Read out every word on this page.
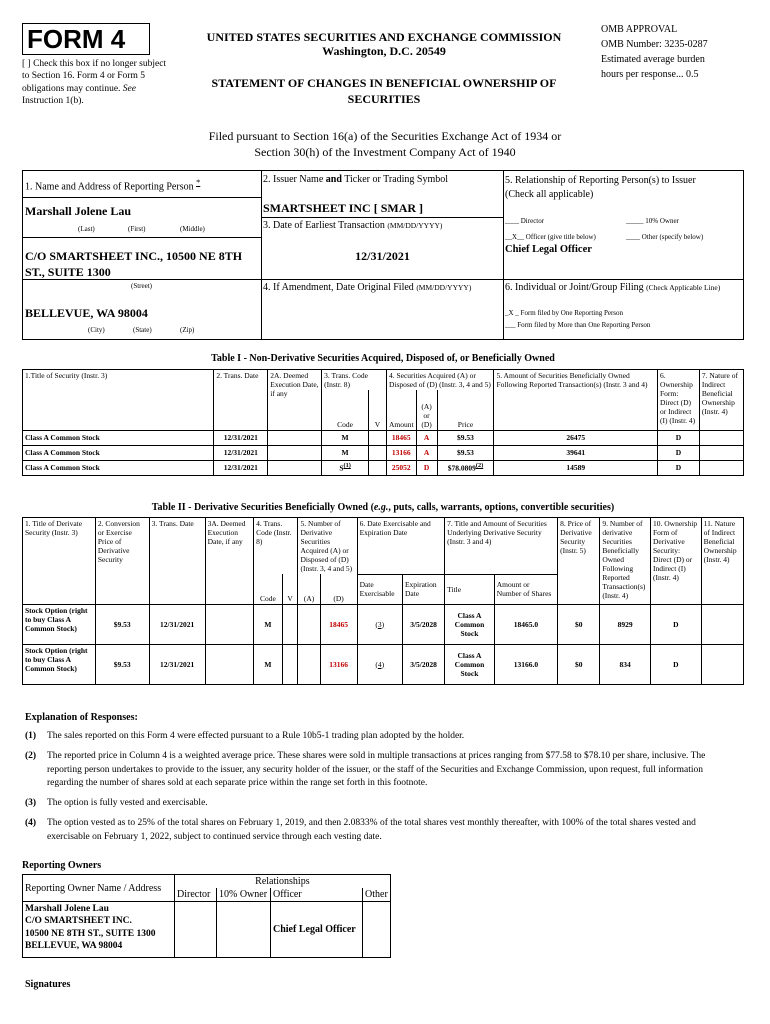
FORM 4
[ ] Check this box if no longer subject to Section 16. Form 4 or Form 5 obligations may continue. See Instruction 1(b).
UNITED STATES SECURITIES AND EXCHANGE COMMISSION
Washington, D.C. 20549
STATEMENT OF CHANGES IN BENEFICIAL OWNERSHIP OF
SECURITIES
OMB APPROVAL
OMB Number: 3235-0287
Estimated average burden
hours per response... 0.5
Filed pursuant to Section 16(a) of the Securities Exchange Act of 1934 or
Section 30(h) of the Investment Company Act of 1940
1. Name and Address of Reporting Person *
Marshall Jolene Lau
(Last)	(First)	(Middle)
C/O SMARTSHEET INC., 10500 NE 8TH ST., SUITE 1300
(Street)
BELLEVUE, WA 98004
(City)	(State)	(Zip)
2. Issuer Name and Ticker or Trading Symbol
SMARTSHEET INC [ SMAR ]
3. Date of Earliest Transaction (MM/DD/YYYY)
12/31/2021
4. If Amendment, Date Original Filed (MM/DD/YYYY)
5. Relationship of Reporting Person(s) to Issuer
(Check all applicable)
____ Director	_____ 10% Owner
__X__ Officer (give title below)	____ Other (specify below)
Chief Legal Officer
6. Individual or Joint/Group Filing (Check Applicable Line)
_X _ Form filed by One Reporting Person
___ Form filed by More than One Reporting Person
Table I - Non-Derivative Securities Acquired, Disposed of, or Beneficially Owned
1.Title of Security (Instr. 3)	2. Trans. Date	2A. Deemed Execution Date, if any	3. Trans. Code (Instr. 8)		4. Securities Acquired (A) or Disposed of (D) (Instr. 3, 4 and 5)			5. Amount of Securities Beneficially Owned Following Reported Transaction(s) (Instr. 3 and 4)	6. Ownership Form: Direct (D) or Indirect (I) (Instr. 4)	7. Nature of Indirect Beneficial Ownership (Instr. 4)
			Code	V	Amount	(A) or (D)	Price			
Class A Common Stock	12/31/2021		M		18465	A	$9.53	26475	D	
Class A Common Stock	12/31/2021		M		13166	A	$9.53	39641	D	
Class A Common Stock	12/31/2021		$S^{(1)}$		25052	D	$78.0809$^{(2)}$	14589	D	
Table II - Derivative Securities Beneficially Owned (e.g., puts, calls, warrants, options, convertible securities)
1. Title of Derivate Security (Instr. 3)	2. Conversion or Exercise Price of Derivative Security	3. Trans. Date	3A. Deemed Execution Date, if any	4. Trans. Code (Instr. 8)		5. Number of Derivative Securities Acquired (A) or Disposed of (D) (Instr. 3, 4 and 5)		6. Date Exercisable and Expiration Date		7. Title and Amount of Securities Underlying Derivative Security (Instr. 3 and 4)		8. Price of Derivative Security (Instr. 5)	9. Number of derivative Securities Beneficially Owned Following Reported Transaction(s) (Instr. 4)	10. Ownership Form of Derivative Security: Direct (D) or Indirect (I) (Instr. 4)	11. Nature of Indirect Beneficial Ownership (Instr. 4)
				Code	V	(A)	(D)	Date Exercisable	Expiration Date	Title	Amount or Number of Shares				
Stock Option (right to buy Class A Common Stock)	$9.53	12/31/2021		M			18465	(3)	3/5/2028	Class A Common Stock	18465.0	$0	8929	D	
Stock Option (right to buy Class A Common Stock)	$9.53	12/31/2021		M			13166	(4)	3/5/2028	Class A Common Stock	13166.0	$0	834	D	
Explanation of Responses:

(1)	The sales reported on this Form 4 were effected pursuant to a Rule 10b5-1 trading plan adopted by the holder.

(2)	The reported price in Column 4 is a weighted average price. These shares were sold in multiple transactions at prices ranging from $77.58 to $78.10 per share, inclusive. The reporting person undertakes to provide to the issuer, any security holder of the issuer, or the staff of the Securities and Exchange Commission, upon request, full information regarding the number of shares sold at each separate price within the range set forth in this footnote.

(3)	The option is fully vested and exercisable.

(4)	The option vested as to 25% of the total shares on February 1, 2019, and then 2.0833% of the total shares vest monthly thereafter, with 100% of the total shares vested and exercisable on February 1, 2022, subject to continued service through each vesting date.

Reporting Owners
Reporting Owner Name / Address	Relationships			
	Director	10% Owner	Officer	Other

Marshall Jolene Lau
C/O SMARTSHEET INC.
10500 NE 8TH ST., SUITE 1300
BELLEVUE, WA 98004			Chief Legal Officer	
Signatures
